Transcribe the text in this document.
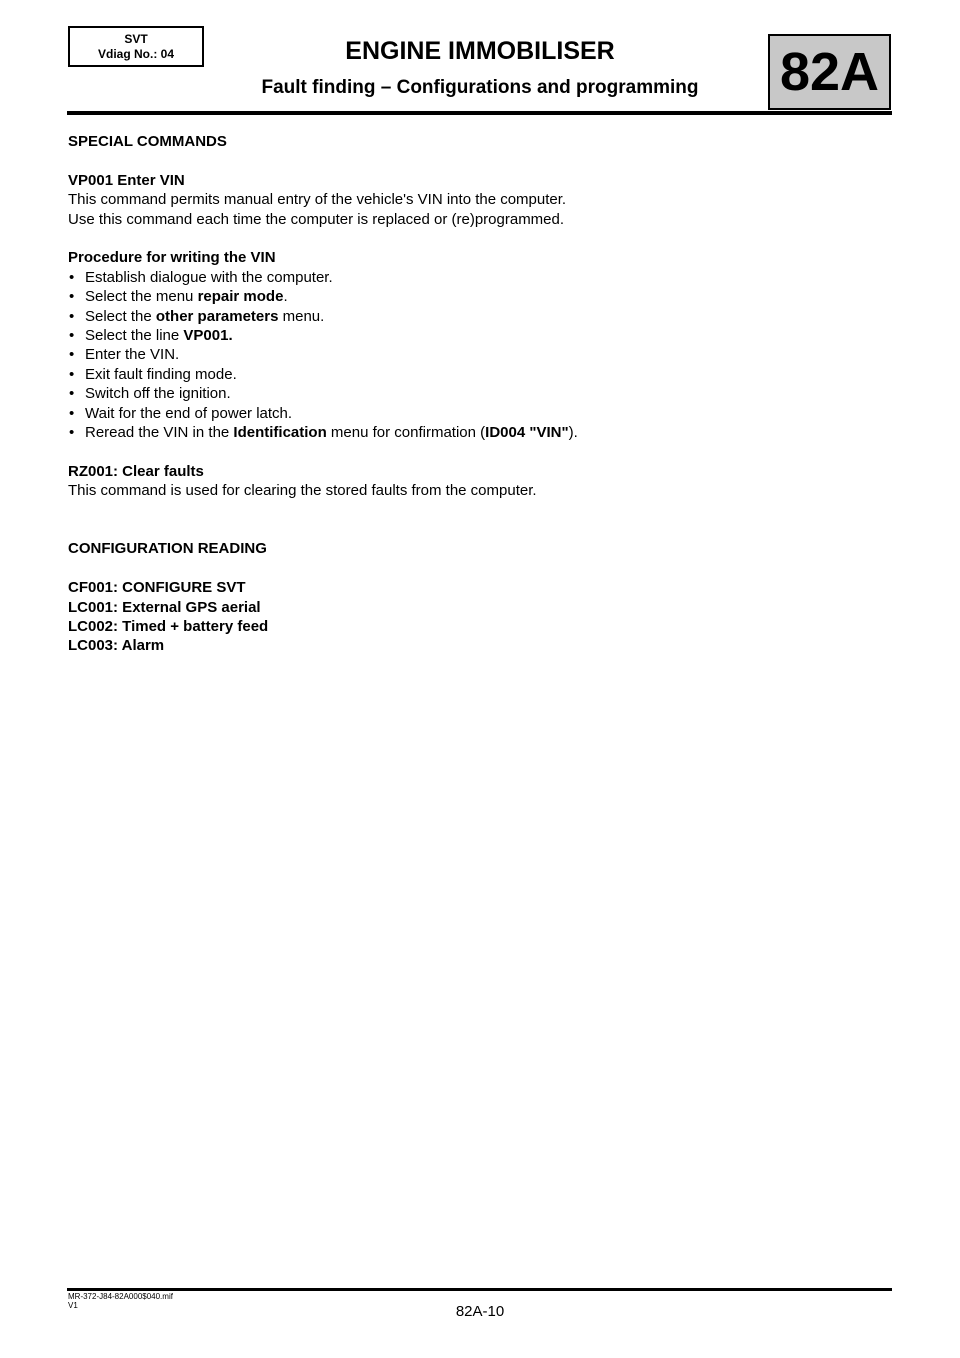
SVT
Vdiag No.: 04	ENGINE IMMOBILISER
Fault finding – Configurations and programming	82A

SPECIAL COMMANDS

VP001 Enter VIN

This command permits manual entry of the vehicle's VIN into the computer.

Use this command each time the computer is replaced or (re)programmed.

Procedure for writing the VIN

• Establish dialogue with the computer.
• Select the menu repair mode.
• Select the other parameters menu.
• Select the line VP001.
• Enter the VIN.
• Exit fault finding mode.
• Switch off the ignition.
• Wait for the end of power latch.
• Reread the VIN in the Identification menu for confirmation (ID004 "VIN").

RZ001: Clear faults

This command is used for clearing the stored faults from the computer.

CONFIGURATION READING

CF001: CONFIGURE SVT

LC001: External GPS aerial

LC002: Timed + battery feed

LC003: Alarm

MR-372-J84-82A000$040.mif
V1	82A-10
